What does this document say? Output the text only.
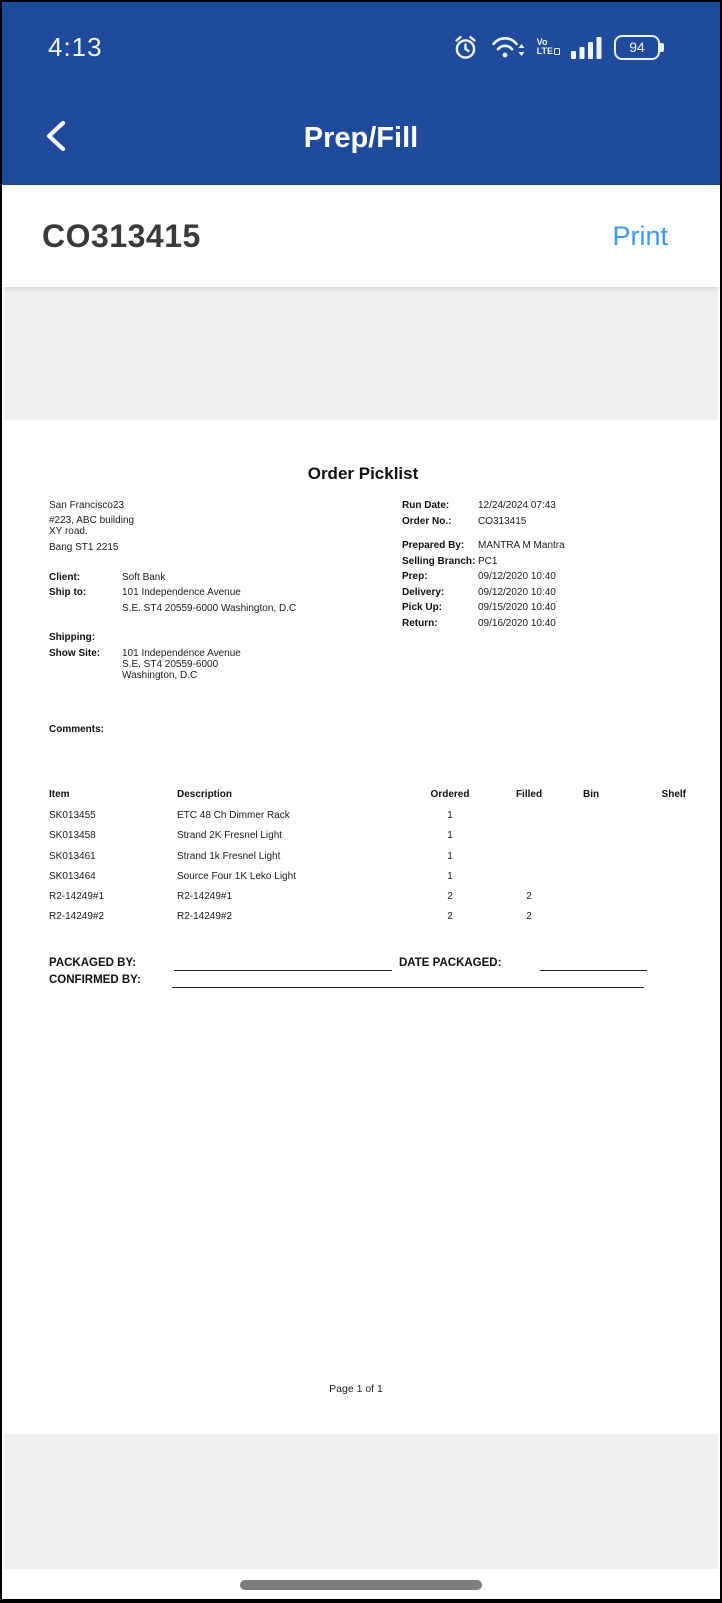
4:13	Vo
LTE	94
Prep/Fill
CO313415	Print
Order Picklist
San Francisco23
#223, ABC building
XY road.
Bang ST1 2215
Run Date:	12/24/2024 07:43
Order No.:	CO313415
Prepared By:	MANTRA M Mantra
Selling Branch: PC1
Prep:	09/12/2020 10:40
Delivery:	09/12/2020 10:40
Pick Up:	09/15/2020 10:40
Return:	09/16/2020 10:40
Client:	Soft Bank
Ship to:	101 Independence Avenue
S.E. ST4 20559-6000 Washington, D.C
Shipping:
Show Site: 101 Independence Avenue
S.E. ST4 20559-6000
Washington, D.C
Comments:
Item	Description	Ordered	Filled	Bin	Shelf
SK013455	ETC 48 Ch Dimmer Rack	1
SK013458	Strand 2K Fresnel Light	1
SK013461	Strand 1k Fresnel Light	1
SK013464	Source Four 1K Leko Light	1
R2-14249#1	R2-14249#1	2	2
R2-14249#2	R2-14249#2	2	2
PACKAGED BY:	DATE PACKAGED:
CONFIRMED BY:
Page 1 of 1
